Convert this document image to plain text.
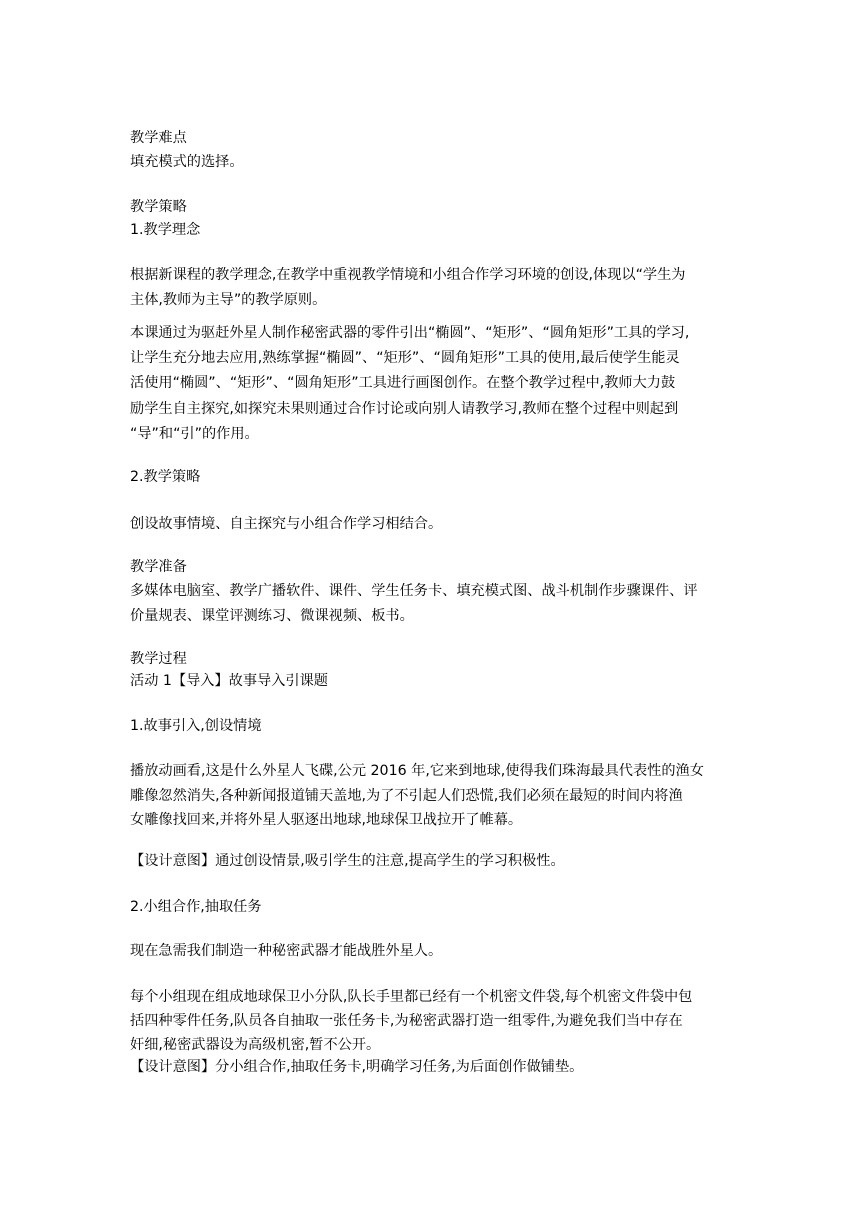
教学难点
填充模式的选择。
教学策略
1.教学理念
根据新课程的教学理念,在教学中重视教学情境和小组合作学习环境的创设,体现以“学生为
主体,教师为主导”的教学原则。
本课通过为驱赶外星人制作秘密武器的零件引出“椭圆”、“矩形”、“圆角矩形”工具的学习,
让学生充分地去应用,熟练掌握“椭圆”、“矩形”、“圆角矩形”工具的使用,最后使学生能灵
活使用“椭圆”、“矩形”、“圆角矩形”工具进行画图创作。在整个教学过程中,教师大力鼓
励学生自主探究,如探究未果则通过合作讨论或向别人请教学习,教师在整个过程中则起到
“导”和“引”的作用。
2.教学策略
创设故事情境、自主探究与小组合作学习相结合。
教学准备
多媒体电脑室、教学广播软件、课件、学生任务卡、填充模式图、战斗机制作步骤课件、评
价量规表、课堂评测练习、微课视频、板书。
教学过程
活动 1【导入】故事导入引课题
1.故事引入,创设情境
播放动画看,这是什么外星人飞碟,公元 2016 年,它来到地球,使得我们珠海最具代表性的渔女
雕像忽然消失,各种新闻报道铺天盖地,为了不引起人们恐慌,我们必须在最短的时间内将渔
女雕像找回来,并将外星人驱逐出地球,地球保卫战拉开了帷幕。
【设计意图】通过创设情景,吸引学生的注意,提高学生的学习积极性。
2.小组合作,抽取任务
现在急需我们制造一种秘密武器才能战胜外星人。
每个小组现在组成地球保卫小分队,队长手里都已经有一个机密文件袋,每个机密文件袋中包
括四种零件任务,队员各自抽取一张任务卡,为秘密武器打造一组零件,为避免我们当中存在
奸细,秘密武器设为高级机密,暂不公开。
【设计意图】分小组合作,抽取任务卡,明确学习任务,为后面创作做铺垫。
